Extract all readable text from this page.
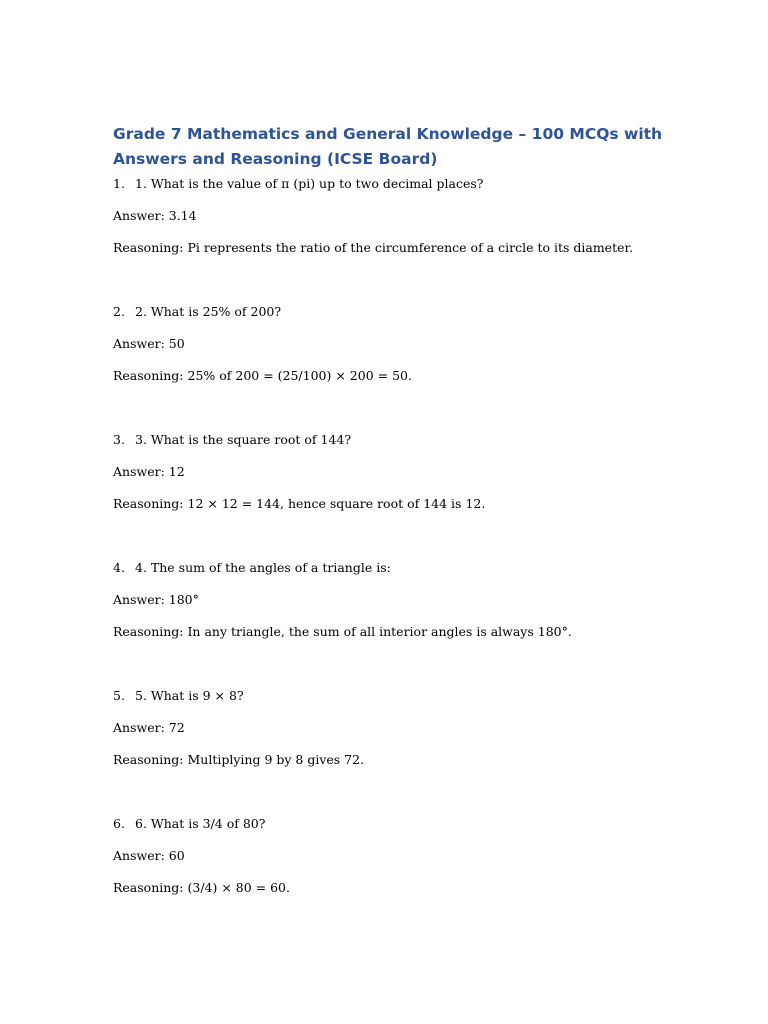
Grade 7 Mathematics and General Knowledge – 100 MCQs with Answers and Reasoning (ICSE Board)
1. 1. What is the value of π (pi) up to two decimal places?
Answer: 3.14
Reasoning: Pi represents the ratio of the circumference of a circle to its diameter.
2. 2. What is 25% of 200?
Answer: 50
Reasoning: 25% of 200 = (25/100) × 200 = 50.
3. 3. What is the square root of 144?
Answer: 12
Reasoning: 12 × 12 = 144, hence square root of 144 is 12.
4. 4. The sum of the angles of a triangle is:
Answer: 180°
Reasoning: In any triangle, the sum of all interior angles is always 180°.
5. 5. What is 9 × 8?
Answer: 72
Reasoning: Multiplying 9 by 8 gives 72.
6. 6. What is 3/4 of 80?
Answer: 60
Reasoning: (3/4) × 80 = 60.
